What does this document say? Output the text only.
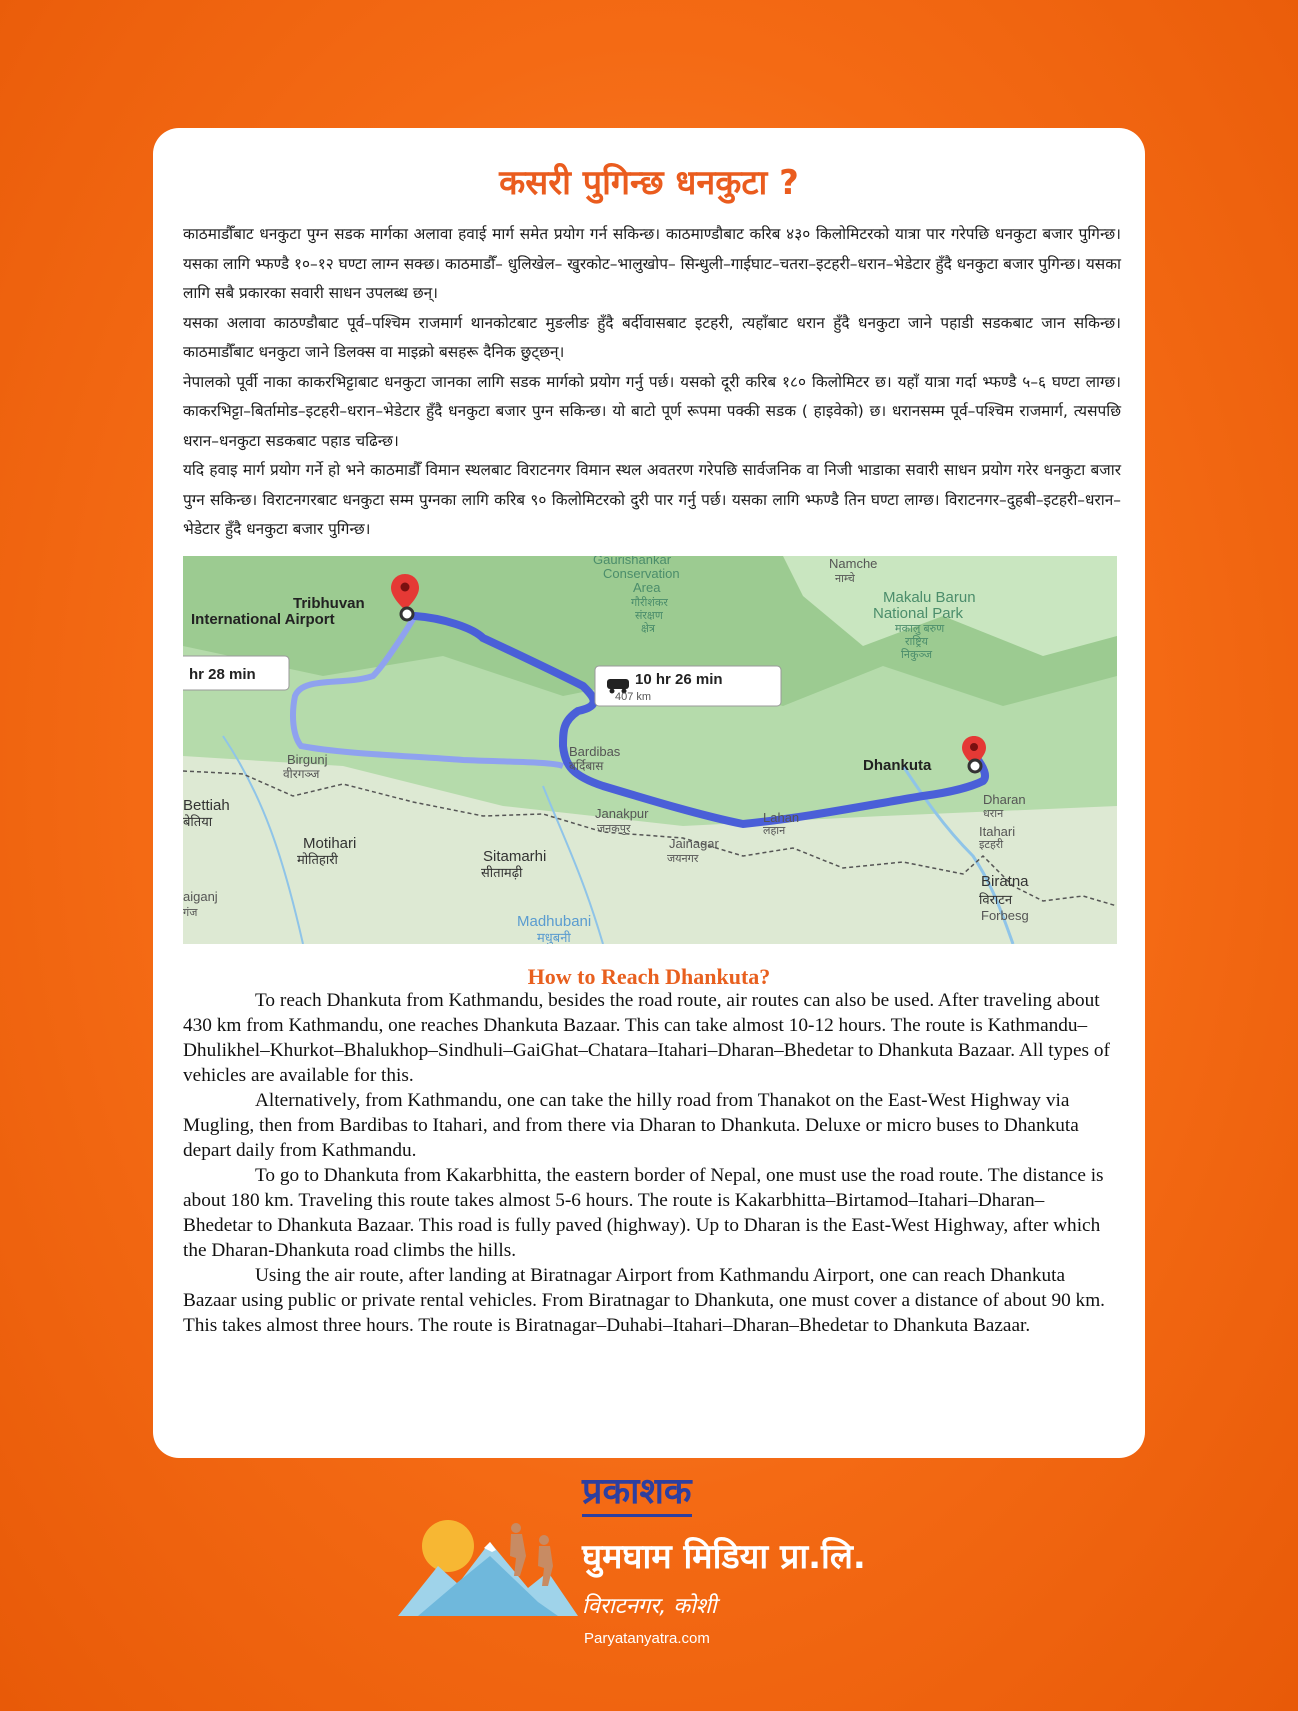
कसरी पुगिन्छ धनकुटा ?

काठमाडौँबाट धनकुटा पुग्न सडक मार्गका अलावा हवाई मार्ग समेत प्रयोग गर्न सकिन्छ। काठमाण्डौबाट करिब ४३० किलोमिटरको यात्रा पार गरेपछि धनकुटा बजार पुगिन्छ। यसका लागि भ्फण्डै १०–१२ घण्टा लाग्न सक्छ। काठमाडौँ– धुलिखेल– खुरकोट–भालुखोप– सिन्धुली–गाईघाट–चतरा–इटहरी–धरान–भेडेटार हुँदै धनकुटा बजार पुगिन्छ। यसका लागि सबै प्रकारका सवारी साधन उपलब्ध छन्।

यसका अलावा काठण्डौबाट पूर्व–पश्चिम राजमार्ग थानकोटबाट मुङलीङ हुँदै बर्दीवासबाट इटहरी, त्यहाँबाट धरान हुँदै धनकुटा जाने पहाडी सडकबाट जान सकिन्छ। काठमाडौँबाट धनकुटा जाने डिलक्स वा माइक्रो बसहरू दैनिक छुट्छन्।

नेपालको पूर्वी नाका काकरभिट्टाबाट धनकुटा जानका लागि सडक मार्गको प्रयोग गर्नु पर्छ। यसको दूरी करिब १८० किलोमिटर छ। यहाँ यात्रा गर्दा भ्फण्डै ५–६ घण्टा लाग्छ। काकरभिट्टा–बिर्तामोड–इटहरी–धरान–भेडेटार हुँदै धनकुटा बजार पुग्न सकिन्छ। यो बाटो पूर्ण रूपमा पक्की सडक ( हाइवेको) छ। धरानसम्म पूर्व–पश्चिम राजमार्ग, त्यसपछि धरान–धनकुटा सडकबाट पहाड चढिन्छ।

यदि हवाइ मार्ग प्रयोग गर्ने हो भने काठमाडौँ विमान स्थलबाट विराटनगर विमान स्थल अवतरण गरेपछि सार्वजनिक वा निजी भाडाका सवारी साधन प्रयोग गरेर धनकुटा बजार पुग्न सकिन्छ। विराटनगरबाट धनकुटा सम्म पुग्नका लागि करिब ९० किलोमिटरको दुरी पार गर्नु पर्छ। यसका लागि भ्फण्डै तिन घण्टा लाग्छ। विराटनगर–दुहबी–इटहरी–धरान–भेडेटार हुँदै धनकुटा बजार पुगिन्छ।

Tribhuvan
International Airport
Dhankuta
10 hr 26 min
407 km
hr 28 min
Gaurishankar
Conservation
Area
गौरीशंकर
संरक्षण
क्षेत्र
Makalu Barun
National Park
मकालु बरुण
राष्ट्रिय
निकुञ्ज
Namche
नाम्चे
Birgunj
वीरगञ्ज
Bardibas
बर्दिबास
Bettiah
बेतिया
Motihari
मोतिहारी
Janakpur
जनकपुर
Lahan
लहान
Sitamarhi
सीतामढ़ी
Jainagar
जयनगर
Madhubani
मधुबनी
Dharan
धरान
Itahari
इटहरी
Biratna
विराटन
Forbesg
aiganj
गंज
How to Reach Dhankuta?

To reach Dhankuta from Kathmandu, besides the road route, air routes can also be used. After traveling about 430 km from Kathmandu, one reaches Dhankuta Bazaar. This can take almost 10-12 hours. The route is Kathmandu–Dhulikhel–Khurkot–Bhalukhop–Sindhuli–GaiGhat–Chatara–Itahari–Dharan–Bhedetar to Dhankuta Bazaar. All types of vehicles are available for this.

Alternatively, from Kathmandu, one can take the hilly road from Thanakot on the East-West Highway via Mugling, then from Bardibas to Itahari, and from there via Dharan to Dhankuta. Deluxe or micro buses to Dhankuta depart daily from Kathmandu.

To go to Dhankuta from Kakarbhitta, the eastern border of Nepal, one must use the road route. The distance is about 180 km. Traveling this route takes almost 5-6 hours. The route is Kakarbhitta–Birtamod–Itahari–Dharan–Bhedetar to Dhankuta Bazaar. This road is fully paved (highway). Up to Dharan is the East-West Highway, after which the Dharan-Dhankuta road climbs the hills.

Using the air route, after landing at Biratnagar Airport from Kathmandu Airport, one can reach Dhankuta Bazaar using public or private rental vehicles. From Biratnagar to Dhankuta, one must cover a distance of about 90 km. This takes almost three hours. The route is Biratnagar–Duhabi–Itahari–Dharan–Bhedetar to Dhankuta Bazaar.

प्रकाशक
घुमघाम मिडिया प्रा.लि.
विराटनगर, कोशी
Paryatanyatra.com
